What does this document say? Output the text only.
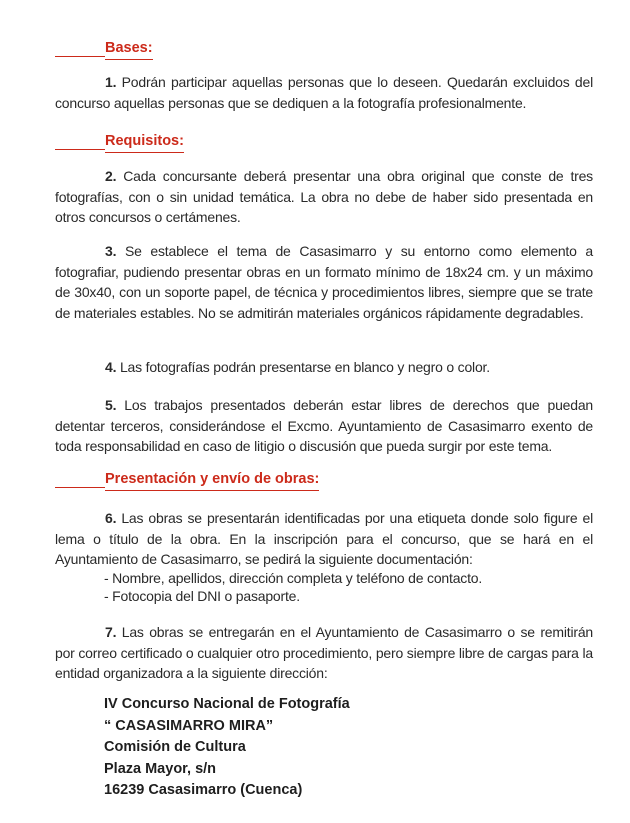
Bases:
1. Podrán participar aquellas personas que lo deseen. Quedarán excluidos del concurso aquellas personas que se dediquen a la fotografía profesionalmente.
Requisitos:
2. Cada concursante deberá presentar una obra original que conste de tres fotografías, con o sin unidad temática. La obra no debe de haber sido presentada en otros concursos o certámenes.
3. Se establece el tema de Casasimarro y su entorno como elemento a fotografiar, pudiendo presentar obras en un formato mínimo de 18x24 cm. y un máximo de 30x40, con un soporte papel, de técnica y procedimientos libres, siempre que se trate de materiales estables. No se admitirán materiales orgánicos rápidamente degradables.
4. Las fotografías podrán presentarse en blanco y negro o color.
5. Los trabajos presentados deberán estar libres de derechos que puedan detentar terceros, considerándose el Excmo. Ayuntamiento de Casasimarro exento de toda responsabilidad en caso de litigio o discusión que pueda surgir por este tema.
Presentación y envío de obras:
6. Las obras se presentarán identificadas por una etiqueta donde solo figure el lema o título de la obra. En la inscripción para el concurso, que se hará en el Ayuntamiento de Casasimarro, se pedirá la siguiente documentación:
- Nombre, apellidos, dirección completa y teléfono de contacto.
- Fotocopia del DNI o pasaporte.
7. Las obras se entregarán en el Ayuntamiento de Casasimarro o se remitirán por correo certificado o cualquier otro procedimiento, pero siempre libre de cargas para la entidad organizadora a la siguiente dirección:
IV Concurso Nacional de Fotografía
“ CASASIMARRO MIRA”
Comisión de Cultura
Plaza Mayor, s/n
16239 Casasimarro (Cuenca)
